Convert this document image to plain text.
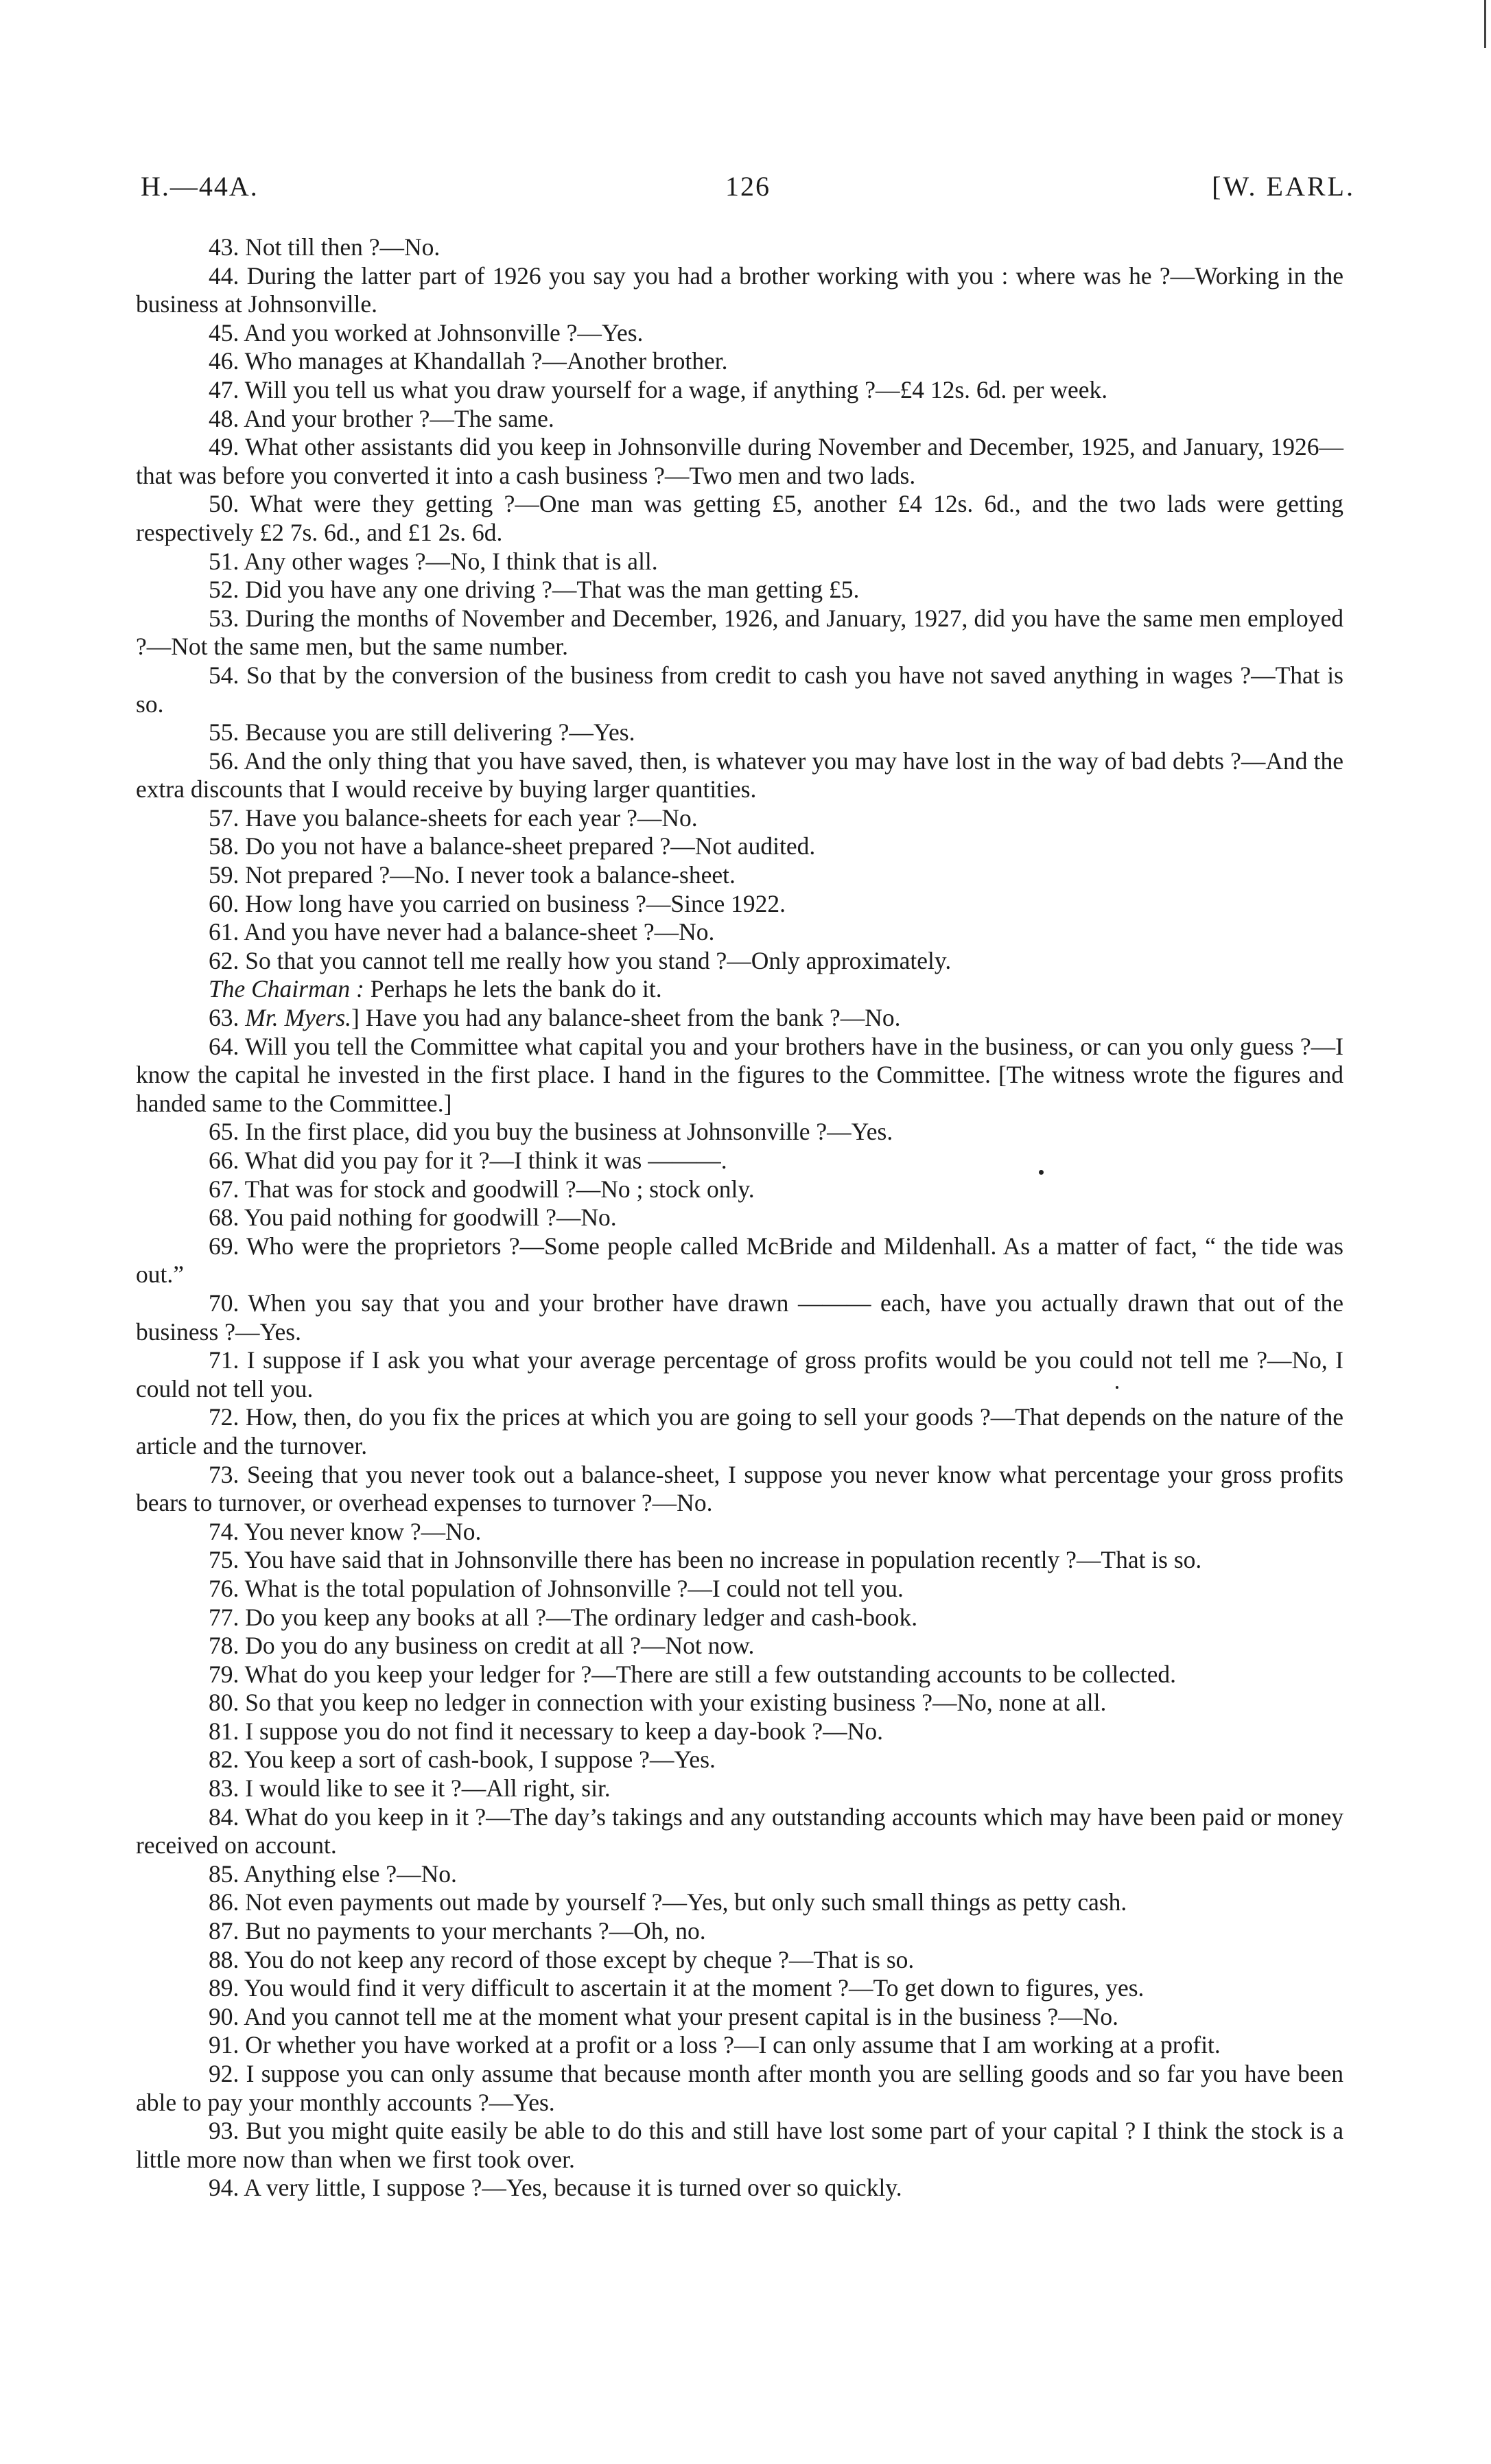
H.—44A.	126	[W. EARL.

43. Not till then ?—No.

44. During the latter part of 1926 you say you had a brother working with you : where was he ?—Working in the business at Johnsonville.

45. And you worked at Johnsonville ?—Yes.

46. Who manages at Khandallah ?—Another brother.

47. Will you tell us what you draw yourself for a wage, if anything ?—£4 12s. 6d. per week.

48. And your brother ?—The same.

49. What other assistants did you keep in Johnsonville during November and December, 1925, and January, 1926—that was before you converted it into a cash business ?—Two men and two lads.

50. What were they getting ?—One man was getting £5, another £4 12s. 6d., and the two lads were getting respectively £2 7s. 6d., and £1 2s. 6d.

51. Any other wages ?—No, I think that is all.

52. Did you have any one driving ?—That was the man getting £5.

53. During the months of November and December, 1926, and January, 1927, did you have the same men employed ?—Not the same men, but the same number.

54. So that by the conversion of the business from credit to cash you have not saved anything in wages ?—That is so.

55. Because you are still delivering ?—Yes.

56. And the only thing that you have saved, then, is whatever you may have lost in the way of bad debts ?—And the extra discounts that I would receive by buying larger quantities.

57. Have you balance-sheets for each year ?—No.

58. Do you not have a balance-sheet prepared ?—Not audited.

59. Not prepared ?—No. I never took a balance-sheet.

60. How long have you carried on business ?—Since 1922.

61. And you have never had a balance-sheet ?—No.

62. So that you cannot tell me really how you stand ?—Only approximately.

The Chairman : Perhaps he lets the bank do it.

63. Mr. Myers.] Have you had any balance-sheet from the bank ?—No.

64. Will you tell the Committee what capital you and your brothers have in the business, or can you only guess ?—I know the capital he invested in the first place. I hand in the figures to the Committee. [The witness wrote the figures and handed same to the Committee.]

65. In the first place, did you buy the business at Johnsonville ?—Yes.

66. What did you pay for it ?—I think it was ———.

67. That was for stock and goodwill ?—No ; stock only.

68. You paid nothing for goodwill ?—No.

69. Who were the proprietors ?—Some people called McBride and Mildenhall. As a matter of fact, “ the tide was out.”

70. When you say that you and your brother have drawn ——— each, have you actually drawn that out of the business ?—Yes.

71. I suppose if I ask you what your average percentage of gross profits would be you could not tell me ?—No, I could not tell you.

72. How, then, do you fix the prices at which you are going to sell your goods ?—That depends on the nature of the article and the turnover.

73. Seeing that you never took out a balance-sheet, I suppose you never know what percentage your gross profits bears to turnover, or overhead expenses to turnover ?—No.

74. You never know ?—No.

75. You have said that in Johnsonville there has been no increase in population recently ?—That is so.

76. What is the total population of Johnsonville ?—I could not tell you.

77. Do you keep any books at all ?—The ordinary ledger and cash-book.

78. Do you do any business on credit at all ?—Not now.

79. What do you keep your ledger for ?—There are still a few outstanding accounts to be collected.

80. So that you keep no ledger in connection with your existing business ?—No, none at all.

81. I suppose you do not find it necessary to keep a day-book ?—No.

82. You keep a sort of cash-book, I suppose ?—Yes.

83. I would like to see it ?—All right, sir.

84. What do you keep in it ?—The day’s takings and any outstanding accounts which may have been paid or money received on account.

85. Anything else ?—No.

86. Not even payments out made by yourself ?—Yes, but only such small things as petty cash.

87. But no payments to your merchants ?—Oh, no.

88. You do not keep any record of those except by cheque ?—That is so.

89. You would find it very difficult to ascertain it at the moment ?—To get down to figures, yes.

90. And you cannot tell me at the moment what your present capital is in the business ?—No.

91. Or whether you have worked at a profit or a loss ?—I can only assume that I am working at a profit.

92. I suppose you can only assume that because month after month you are selling goods and so far you have been able to pay your monthly accounts ?—Yes.

93. But you might quite easily be able to do this and still have lost some part of your capital ? I think the stock is a little more now than when we first took over.

94. A very little, I suppose ?—Yes, because it is turned over so quickly.
